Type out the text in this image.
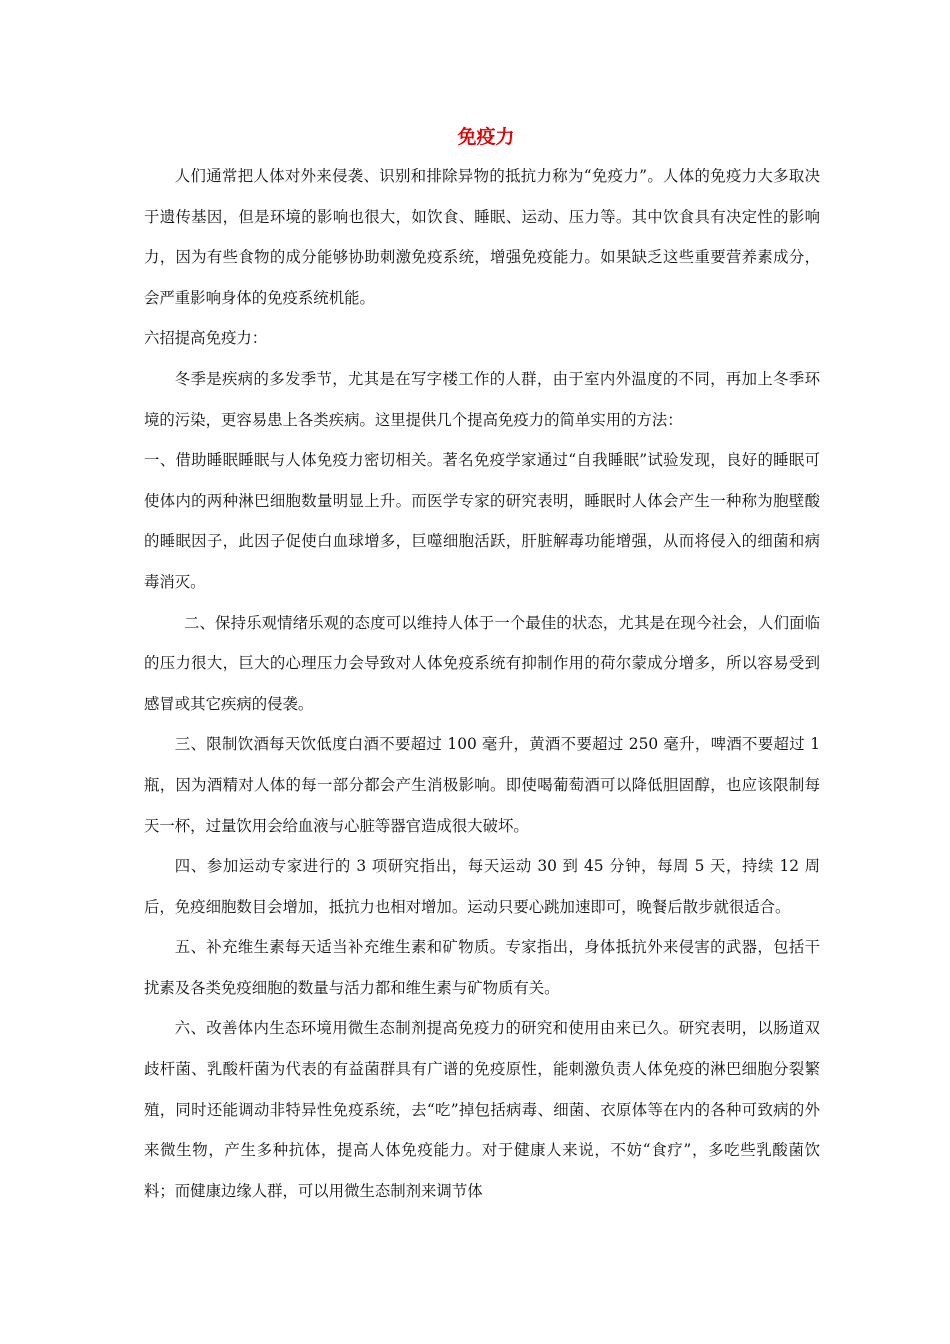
免疫力

人们通常把人体对外来侵袭、识别和排除异物的抵抗力称为“免疫力”。人体的免疫力大多取决于遗传基因，但是环境的影响也很大，如饮食、睡眠、运动、压力等。其中饮食具有决定性的影响力，因为有些食物的成分能够协助刺激免疫系统，增强免疫能力。如果缺乏这些重要营养素成分，会严重影响身体的免疫系统机能。

六招提高免疫力：

冬季是疾病的多发季节，尤其是在写字楼工作的人群，由于室内外温度的不同，再加上冬季环境的污染，更容易患上各类疾病。这里提供几个提高免疫力的简单实用的方法：

一、借助睡眠睡眠与人体免疫力密切相关。著名免疫学家通过“自我睡眠”试验发现，良好的睡眠可使体内的两种淋巴细胞数量明显上升。而医学专家的研究表明，睡眠时人体会产生一种称为胞壁酸的睡眠因子，此因子促使白血球增多，巨噬细胞活跃，肝脏解毒功能增强，从而将侵入的细菌和病毒消灭。

二、保持乐观情绪乐观的态度可以维持人体于一个最佳的状态，尤其是在现今社会，人们面临的压力很大，巨大的心理压力会导致对人体免疫系统有抑制作用的荷尔蒙成分增多，所以容易受到感冒或其它疾病的侵袭。

三、限制饮酒每天饮低度白酒不要超过 100 毫升，黄酒不要超过 250 毫升，啤酒不要超过 1 瓶，因为酒精对人体的每一部分都会产生消极影响。即使喝葡萄酒可以降低胆固醇，也应该限制每天一杯，过量饮用会给血液与心脏等器官造成很大破坏。

四、参加运动专家进行的 3 项研究指出，每天运动 30 到 45 分钟，每周 5 天，持续 12 周后，免疫细胞数目会增加，抵抗力也相对增加。运动只要心跳加速即可，晚餐后散步就很适合。

五、补充维生素每天适当补充维生素和矿物质。专家指出，身体抵抗外来侵害的武器，包括干扰素及各类免疫细胞的数量与活力都和维生素与矿物质有关。

六、改善体内生态环境用微生态制剂提高免疫力的研究和使用由来已久。研究表明，以肠道双歧杆菌、乳酸杆菌为代表的有益菌群具有广谱的免疫原性，能刺激负责人体免疫的淋巴细胞分裂繁殖，同时还能调动非特异性免疫系统，去“吃”掉包括病毒、细菌、衣原体等在内的各种可致病的外来微生物，产生多种抗体，提高人体免疫能力。对于健康人来说，不妨“食疗”，多吃些乳酸菌饮料；而健康边缘人群，可以用微生态制剂来调节体
